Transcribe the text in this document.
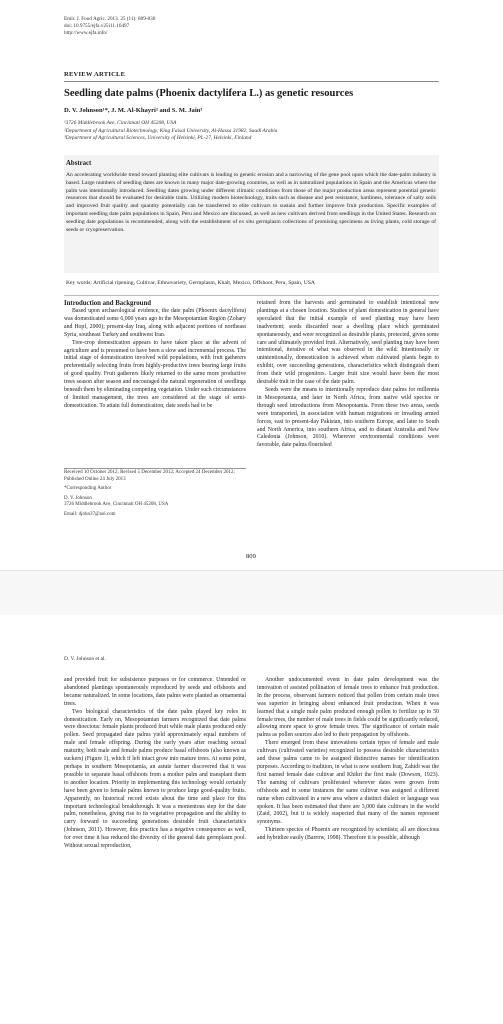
Emir. J. Food Agric. 2013. 25 (11): 809-830
doi: 10.9755/ejfa.v25i11.16497
http://www.ejfa.info/
REVIEW ARTICLE
Seedling date palms (Phoenix dactylifera L.) as genetic resources
D. V. Johnson¹*, J. M. Al-Khayri² and S. M. Jain³
¹3726 Middlebrook Ave, Cincinnati OH 45208, USA
²Department of Agricultural Biotechnology, King Faisal University, Al-Hassa 31982, Saudi Arabia
³Department of Agricultural Sciences, University of Helsinki, PL-27, Helsinki, Finland
Abstract
An accelerating worldwide trend toward planting elite cultivars is leading to genetic erosion and a narrowing of the gene pool upon which the date-palm industry is based. Large numbers of seedling dates are known in many major date-growing countries, as well as in naturalized populations in Spain and the Americas where the palm was intentionally introduced. Seedling dates growing under different climatic conditions from those of the major production areas represent potential genetic resources that should be evaluated for desirable traits. Utilizing modern biotechnology, traits such as disease and pest resistance, hardiness, tolerance of salty soils and improved fruit quality and quantity potentially can be transferred to elite cultivars to sustain and further improve fruit production. Specific examples of important seedling date palm populations in Spain, Peru and Mexico are discussed, as well as new cultivars derived from seedlings in the United States. Research on seedling date populations is recommended, along with the establishment of ex situ germplasm collections of promising specimens as living plants, cold storage of seeds or cryopreservation.
Key words: Artificial ripening, Cultivar, Ethnovariety, Germplasm, Khalt, Mexico, Offshoot, Peru, Spain, USA
Introduction and Background

Based upon archaeological evidence, the date palm (Phoenix dactylifera) was domesticated some 6,000 years ago in the Mesopotamian Region (Zohary and Hopf, 2000); present-day Iraq, along with adjacent portions of northeast Syria, southeast Turkey and southwest Iran.

Tree-crop domestication appears to have taken place at the advent of agriculture and is presumed to have been a slow and incremental process. The initial stage of domestication involved wild populations, with fruit gatherers preferentially selecting fruits from highly-productive trees bearing large fruits of good quality. Fruit gatherers likely returned to the same more productive trees season after season and encouraged the natural regeneration of seedlings beneath them by eliminating competing vegetation. Under such circumstances of limited management, the trees are considered at the stage of semi-domestication. To attain full domestication, date seeds had to be

Received 10 October 2012; Revised 5 December 2012; Accepted 24 December 2012; Published Online 24 July 2013
*Corresponding Author
D. V. Johnson
3726 Middlebrook Ave, Cincinnati OH 45208, USA
Email: djohn37@aol.com

retained from the harvests and germinated to establish intentional new plantings at a chosen location. Studies of plant domestication in general have speculated that the initial example of seed planting may have been inadvertent; seeds discarded near a dwelling place which germinated spontaneously, and were recognized as desirable plants, protected, given some care and ultimately provided fruit. Alternatively, seed planting may have been intentional, iterative of what was observed in the wild. Intentionally or unintentionally, domestication is achieved when cultivated plants begin to exhibit, over succeeding generations, characteristics which distinguish them from their wild progenitors. Larger fruit size would have been the most desirable trait in the case of the date palm.

Seeds were the means to intentionally reproduce date palms for millennia in Mesopotamia, and later in North Africa, from native wild species or through seed introductions from Mesopotamia. From these two areas, seeds were transported, in association with human migrations or invading armed forces, east to present-day Pakistan, into southern Europe, and later to South and North America, into southern Africa, and to distant Australia and New Caledonia (Johnson, 2010). Wherever environmental conditions were favorable, date palms flourished

809
D. V. Johnson et al.

and provided fruit for subsistence purposes or for commerce. Untended or abandoned plantings spontaneously reproduced by seeds and offshoots and became naturalized. In some locations, date palms were planted as ornamental trees.

Two biological characteristics of the date palm played key roles in domestication. Early on, Mesopotamian farmers recognized that date palms were dioecious: female plants produced fruit while male plants produced only pollen. Seed propagated date palms yield approximately equal numbers of male and female offspring. During the early years after reaching sexual maturity, both male and female palms produce basal offshoots (also known as suckers) (Figure 1), which if left intact grow into mature trees. At some point, perhaps in southern Mesopotamia, an astute farmer discovered that it was possible to separate basal offshoots from a mother palm and transplant them to another location. Priority in implementing this technology would certainly have been given to female palms known to produce large good-quality fruits. Apparently, no historical record exists about the time and place for this important technological breakthrough. It was a momentous step for the date palm, nonetheless, giving rise to its vegetative propagation and the ability to carry forward to succeeding generations desirable fruit characteristics (Johnson, 2011). However, this practice has a negative consequence as well, for over time it has reduced the diversity of the general date germplasm pool. Without sexual reproduction,

Another undocumented event in date palm development was the innovation of assisted pollination of female trees to enhance fruit production. In the process, observant farmers noticed that pollen from certain male trees was superior in bringing about enhanced fruit production. When it was learned that a single male palm produced enough pollen to fertilize up to 50 female trees, the number of male trees in fields could be significantly reduced, allowing more space to grow female trees. The significance of certain male palms as pollen sources also led to their propagation by offshoots.

There emerged from these innovations certain types of female and male cultivars (cultivated varieties) recognized to possess desirable characteristics and those palms came to be assigned distinctive names for identification purposes. According to tradition, in what is now southern Iraq, Zahidi was the first named female date cultivar and Khikri the first male (Dowson, 1923). The naming of cultivars proliferated wherever dates were grown from offshoots and in some instances the same cultivar was assigned a different name when cultivated in a new area where a distinct dialect or language was spoken. It has been estimated that there are 3,000 date cultivars in the world (Zaid, 2002), but it is widely suspected that many of the names represent synonyms.

Thirteen species of Phoenix are recognized by scientists; all are dioecious and hybridize easily (Barrow, 1998). Therefore it is possible, although
